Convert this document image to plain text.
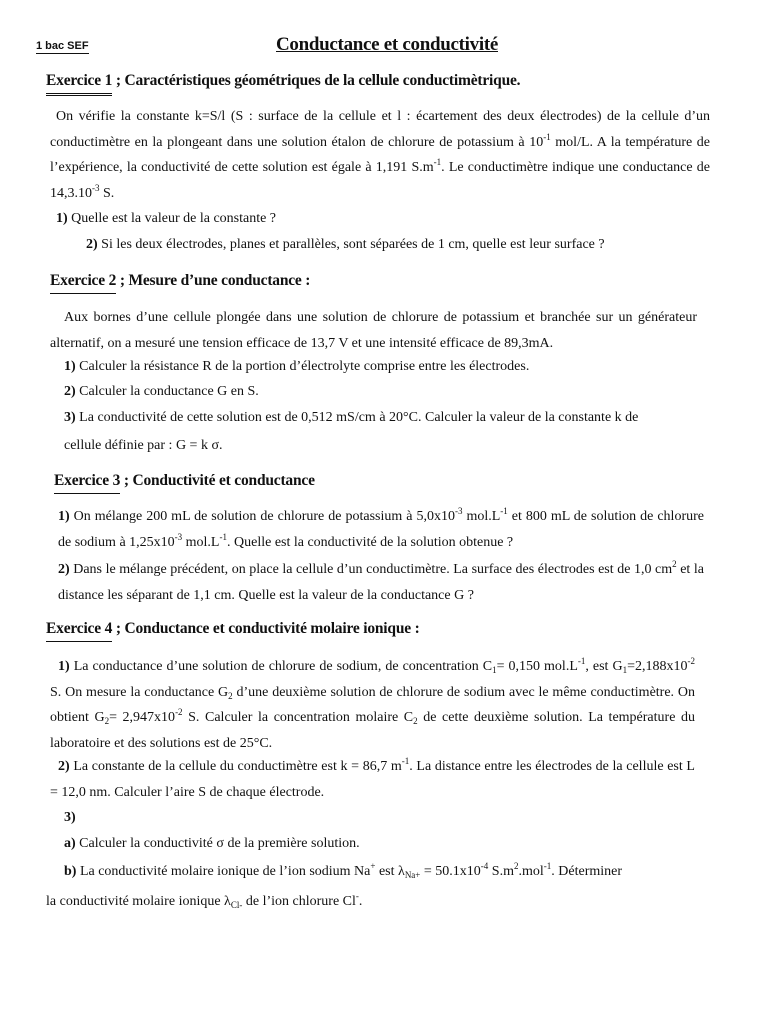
1 bac SEF	Conductance et conductivité
Exercice 1 ; Caractéristiques géométriques de la cellule conductimètrique.
On vérifie la constante k=S/l (S : surface de la cellule et l : écartement des deux électrodes) de la cellule d’un conductimètre en la plongeant dans une solution étalon de chlorure de potassium à $10^{-1}$ mol/L. A la température de l’expérience, la conductivité de cette solution est égale à 1,191 $S.m^{-1}$. Le conductimètre indique une conductance de $14,3.10^{-3}$ S.
1) Quelle est la valeur de la constante ?
2) Si les deux électrodes, planes et parallèles, sont séparées de 1 cm, quelle est leur surface ?
Exercice 2 ; Mesure d’une conductance :
Aux bornes d’une cellule plongée dans une solution de chlorure de potassium et branchée sur un générateur alternatif, on a mesuré une tension efficace de 13,7 V et une intensité efficace de 89,3mA.
1) Calculer la résistance R de la portion d’électrolyte comprise entre les électrodes.
2) Calculer la conductance G en S.
3) La conductivité de cette solution est de 0,512 mS/cm à 20°C. Calculer la valeur de la constante k de
cellule définie par : G = k σ.
Exercice 3 ; Conductivité et conductance
1) On mélange 200 mL de solution de chlorure de potassium à $5,0x10^{-3}$ $mol.L^{-1}$ et 800 mL de solution de chlorure de sodium à $1,25x10^{-3}$ $mol.L^{-1}$. Quelle est la conductivité de la solution obtenue ?
2) Dans le mélange précédent, on place la cellule d’un conductimètre. La surface des électrodes est de 1,0 $cm^2$ et la distance les séparant de 1,1 cm. Quelle est la valeur de la conductance G ?
Exercice 4 ; Conductance et conductivité molaire ionique :
1) La conductance d’une solution de chlorure de sodium, de concentration $C_1= 0,150$ $mol.L^{-1}$, est $G_1=2,188x10^{-2}$ S. On mesure la conductance $G_2$ d’une deuxième solution de chlorure de sodium avec le même conductimètre. On obtient $G_2= 2,947x10^{-2}$ S. Calculer la concentration molaire $C_2$ de cette deuxième solution. La température du laboratoire et des solutions est de 25°C.
2) La constante de la cellule du conductimètre est k = 86,7 $m^{-1}$. La distance entre les électrodes de la cellule est L = 12,0 nm. Calculer l’aire S de chaque électrode.
3)
a) Calculer la conductivité σ de la première solution.
b) La conductivité molaire ionique de l’ion sodium Na+ est $\lambda_{Na+} = 50.1x10^{-4}$ $S.m^2.mol^{-1}$. Déterminer
la conductivité molaire ionique $\lambda_{Cl-}$ de l’ion chlorure Cl-.
